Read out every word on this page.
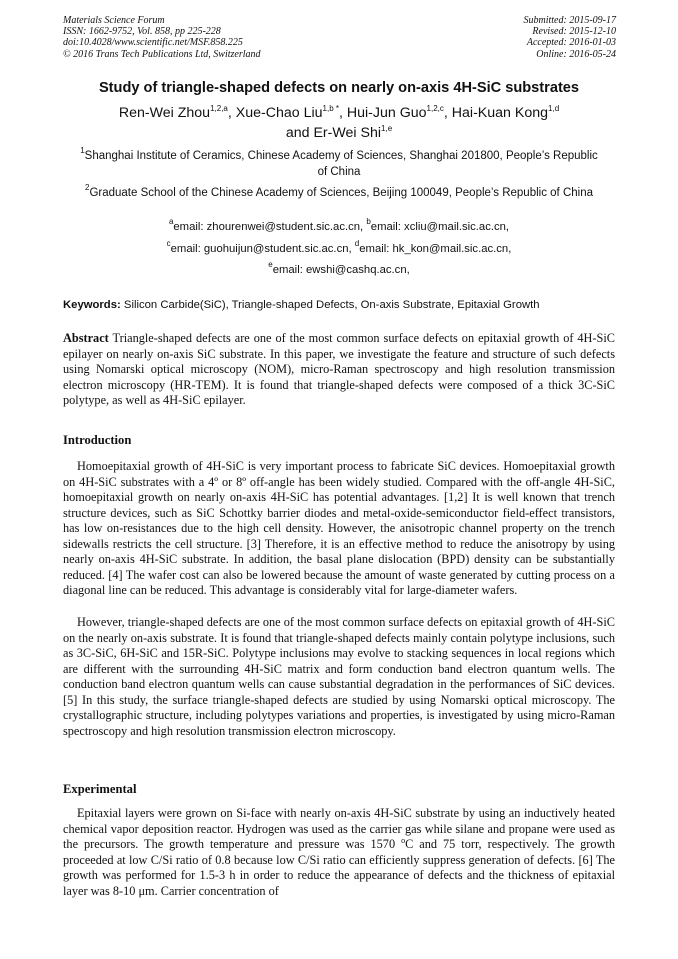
Materials Science Forum
ISSN: 1662-9752, Vol. 858, pp 225-228
doi:10.4028/www.scientific.net/MSF.858.225
© 2016 Trans Tech Publications Ltd, Switzerland
Submitted: 2015-09-17
Revised: 2015-12-10
Accepted: 2016-01-03
Online: 2016-05-24
Study of triangle-shaped defects on nearly on-axis 4H-SiC substrates
Ren-Wei Zhou$^{1,2,a}$, Xue-Chao Liu$^{1,b *}$, Hui-Jun Guo$^{1,2,c}$, Hai-Kuan Kong$^{1,d}$
and Er-Wei Shi$^{1,e}$
$^1$Shanghai Institute of Ceramics, Chinese Academy of Sciences, Shanghai 201800, People’s Republic of China
$^2$Graduate School of the Chinese Academy of Sciences, Beijing 100049, People’s Republic of China
$^a$email: zhourenwei@student.sic.ac.cn, $^b$email: xcliu@mail.sic.ac.cn,
$^c$email: guohuijun@student.sic.ac.cn, $^d$email: hk_kon@mail.sic.ac.cn,
$^e$email: ewshi@cashq.ac.cn,
Keywords: Silicon Carbide(SiC), Triangle-shaped Defects, On-axis Substrate, Epitaxial Growth
Abstract Triangle-shaped defects are one of the most common surface defects on epitaxial growth of 4H-SiC epilayer on nearly on-axis SiC substrate. In this paper, we investigate the feature and structure of such defects using Nomarski optical microscopy (NOM), micro-Raman spectroscopy and high resolution transmission electron microscopy (HR-TEM). It is found that triangle-shaped defects were composed of a thick 3C-SiC polytype, as well as 4H-SiC epilayer.
Introduction
Homoepitaxial growth of 4H-SiC is very important process to fabricate SiC devices. Homoepitaxial growth on 4H-SiC substrates with a 4º or 8º off-angle has been widely studied. Compared with the off-angle 4H-SiC, homoepitaxial growth on nearly on-axis 4H-SiC has potential advantages. [1,2] It is well known that trench structure devices, such as SiC Schottky barrier diodes and metal-oxide-semiconductor field-effect transistors, has low on-resistances due to the high cell density. However, the anisotropic channel property on the trench sidewalls restricts the cell structure. [3] Therefore, it is an effective method to reduce the anisotropy by using nearly on-axis 4H-SiC substrate. In addition, the basal plane dislocation (BPD) density can be substantially reduced. [4] The wafer cost can also be lowered because the amount of waste generated by cutting process on a diagonal line can be reduced. This advantage is considerably vital for large-diameter wafers.
However, triangle-shaped defects are one of the most common surface defects on epitaxial growth of 4H-SiC on the nearly on-axis substrate. It is found that triangle-shaped defects mainly contain polytype inclusions, such as 3C-SiC, 6H-SiC and 15R-SiC. Polytype inclusions may evolve to stacking sequences in local regions which are different with the surrounding 4H-SiC matrix and form conduction band electron quantum wells. The conduction band electron quantum wells can cause substantial degradation in the performances of SiC devices. [5] In this study, the surface triangle-shaped defects are studied by using Nomarski optical microscopy. The crystallographic structure, including polytypes variations and properties, is investigated by using micro-Raman spectroscopy and high resolution transmission electron microscopy.
Experimental
Epitaxial layers were grown on Si-face with nearly on-axis 4H-SiC substrate by using an inductively heated chemical vapor deposition reactor. Hydrogen was used as the carrier gas while silane and propane were used as the precursors. The growth temperature and pressure was 1570 $^o$C and 75 torr, respectively. The growth proceeded at low C/Si ratio of 0.8 because low C/Si ratio can efficiently suppress generation of defects. [6] The growth was performed for 1.5-3 h in order to reduce the appearance of defects and the thickness of epitaxial layer was 8-10 μm. Carrier concentration of
